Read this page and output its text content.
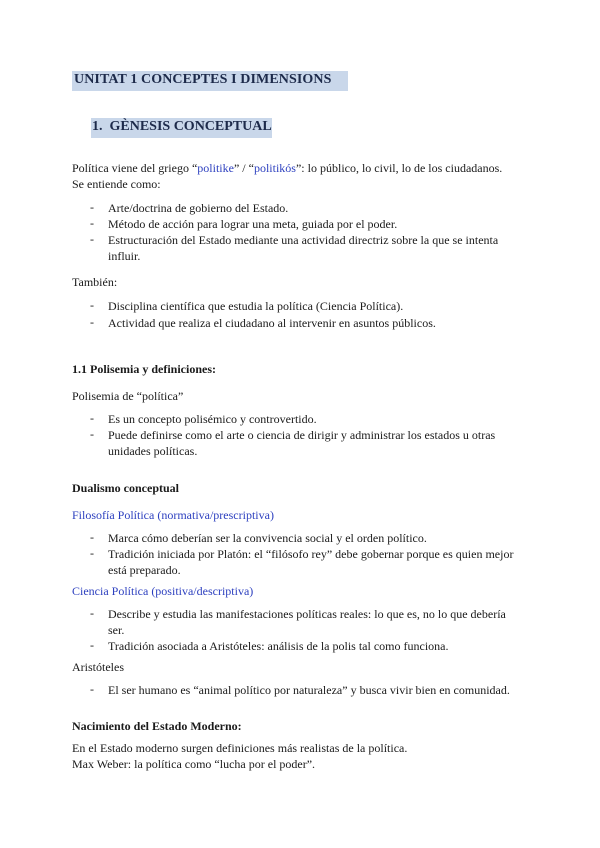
UNITAT 1 CONCEPTES I DIMENSIONS
1. GÈNESIS CONCEPTUAL
Política viene del griego “politike” / “politikós”: lo público, lo civil, lo de los ciudadanos.
Se entiende como:
- Arte/doctrina de gobierno del Estado.
- Método de acción para lograr una meta, guiada por el poder.
- Estructuración del Estado mediante una actividad directriz sobre la que se intenta
influir.
También:
- Disciplina científica que estudia la política (Ciencia Política).
- Actividad que realiza el ciudadano al intervenir en asuntos públicos.
1.1 Polisemia y definiciones:
Polisemia de “política”
- Es un concepto polisémico y controvertido.
- Puede definirse como el arte o ciencia de dirigir y administrar los estados u otras
unidades políticas.
Dualismo conceptual
Filosofía Política (normativa/prescriptiva)
- Marca cómo deberían ser la convivencia social y el orden político.
- Tradición iniciada por Platón: el “filósofo rey” debe gobernar porque es quien mejor
está preparado.
Ciencia Política (positiva/descriptiva)
- Describe y estudia las manifestaciones políticas reales: lo que es, no lo que debería
ser.
- Tradición asociada a Aristóteles: análisis de la polis tal como funciona.
Aristóteles
- El ser humano es “animal político por naturaleza” y busca vivir bien en comunidad.
Nacimiento del Estado Moderno:
En el Estado moderno surgen definiciones más realistas de la política.
Max Weber: la política como “lucha por el poder”.
